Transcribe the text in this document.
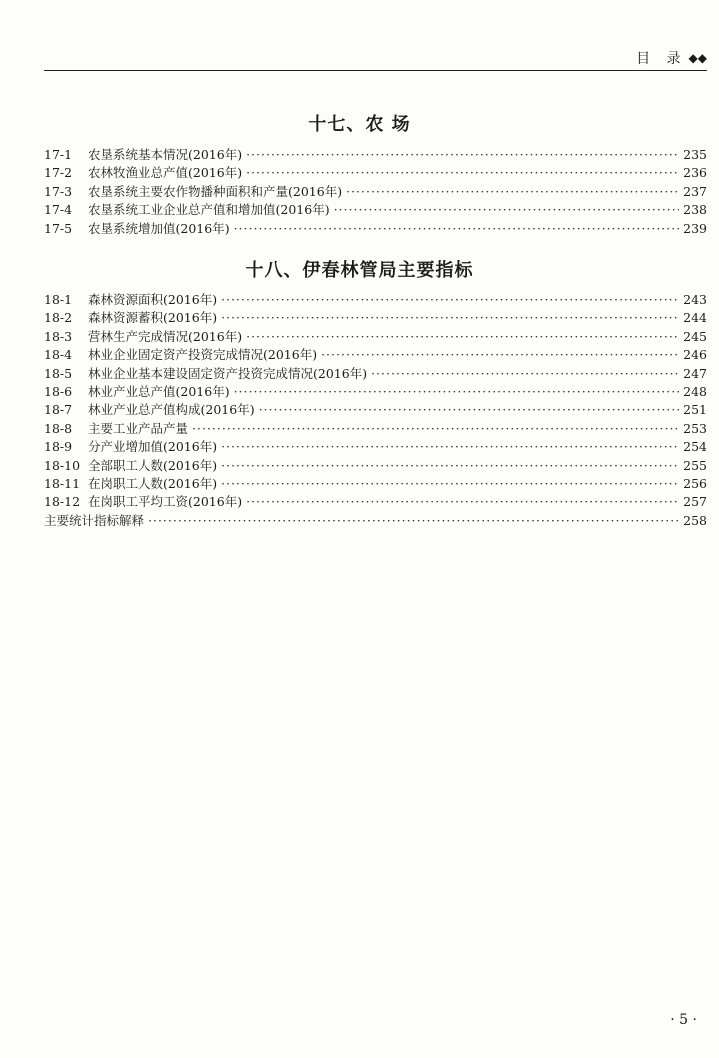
目 录 ◆◆
十七、农 场
17-1	农垦系统基本情况(2016年) ·····	235
17-2	农林牧渔业总产值(2016年) ·····	236
17-3	农垦系统主要农作物播种面积和产量(2016年) ·····	237
17-4	农垦系统工业企业总产值和增加值(2016年) ·····	238
17-5	农垦系统增加值(2016年) ·····	239
十八、伊春林管局主要指标
18-1	森林资源面积(2016年) ·····	243
18-2	森林资源蓄积(2016年) ·····	244
18-3	营林生产完成情况(2016年) ·····	245
18-4	林业企业固定资产投资完成情况(2016年) ·····	246
18-5	林业企业基本建设固定资产投资完成情况(2016年) ·····	247
18-6	林业产业总产值(2016年) ·····	248
18-7	林业产业总产值构成(2016年) ·····	251
18-8	主要工业产品产量 ·····	253
18-9	分产业增加值(2016年) ·····	254
18-10 全部职工人数(2016年) ·····	255
18-11 在岗职工人数(2016年) ·····	256
18-12 在岗职工平均工资(2016年) ·····	257
主要统计指标解释 ·····	258
· 5 ·
